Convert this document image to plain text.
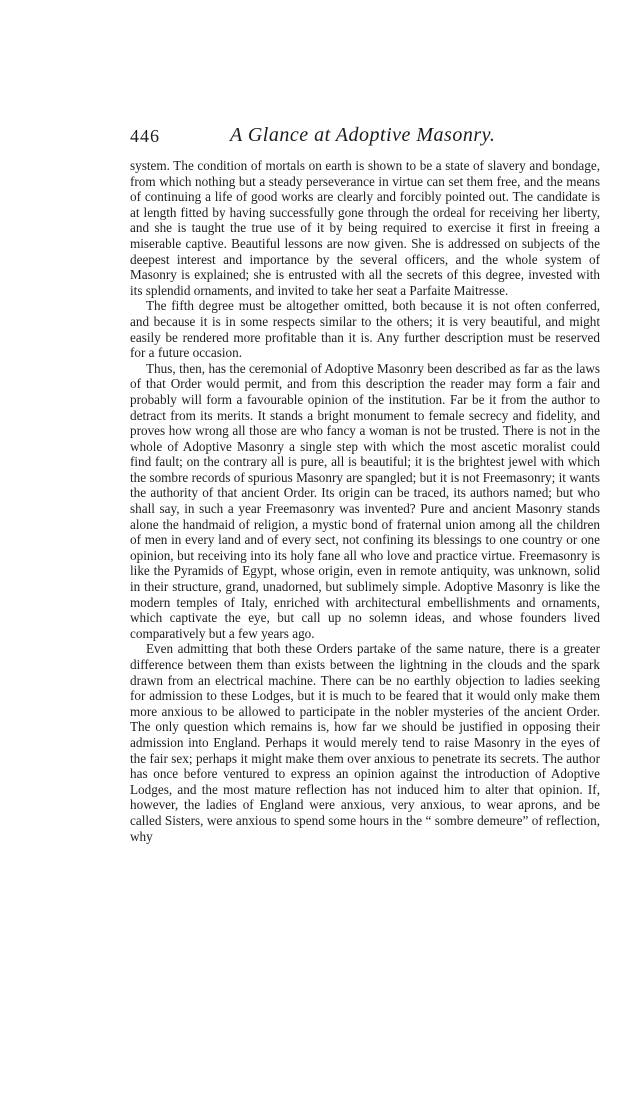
446	A Glance at Adoptive Masonry.

system. The condition of mortals on earth is shown to be a state of slavery and bondage, from which nothing but a steady perseverance in virtue can set them free, and the means of continuing a life of good works are clearly and forcibly pointed out. The candidate is at length fitted by having successfully gone through the ordeal for receiving her liberty, and she is taught the true use of it by being required to exercise it first in freeing a miserable captive. Beautiful lessons are now given. She is addressed on subjects of the deepest interest and importance by the several officers, and the whole system of Masonry is explained; she is entrusted with all the secrets of this degree, invested with its splendid ornaments, and invited to take her seat a Parfaite Maitresse.

The fifth degree must be altogether omitted, both because it is not often conferred, and because it is in some respects similar to the others; it is very beautiful, and might easily be rendered more profitable than it is. Any further description must be reserved for a future occasion.

Thus, then, has the ceremonial of Adoptive Masonry been described as far as the laws of that Order would permit, and from this description the reader may form a fair and probably will form a favourable opinion of the institution. Far be it from the author to detract from its merits. It stands a bright monument to female secrecy and fidelity, and proves how wrong all those are who fancy a woman is not be trusted. There is not in the whole of Adoptive Masonry a single step with which the most ascetic moralist could find fault; on the contrary all is pure, all is beautiful; it is the brightest jewel with which the sombre records of spurious Masonry are spangled; but it is not Freemasonry; it wants the authority of that ancient Order. Its origin can be traced, its authors named; but who shall say, in such a year Freemasonry was invented? Pure and ancient Masonry stands alone the handmaid of religion, a mystic bond of fraternal union among all the children of men in every land and of every sect, not confining its blessings to one country or one opinion, but receiving into its holy fane all who love and practice virtue. Freemasonry is like the Pyramids of Egypt, whose origin, even in remote antiquity, was unknown, solid in their structure, grand, unadorned, but sublimely simple. Adoptive Masonry is like the modern temples of Italy, enriched with architectural embellishments and ornaments, which captivate the eye, but call up no solemn ideas, and whose founders lived comparatively but a few years ago.

Even admitting that both these Orders partake of the same nature, there is a greater difference between them than exists between the lightning in the clouds and the spark drawn from an electrical machine. There can be no earthly objection to ladies seeking for admission to these Lodges, but it is much to be feared that it would only make them more anxious to be allowed to participate in the nobler mysteries of the ancient Order. The only question which remains is, how far we should be justified in opposing their admission into England. Perhaps it would merely tend to raise Masonry in the eyes of the fair sex; perhaps it might make them over anxious to penetrate its secrets. The author has once before ventured to express an opinion against the introduction of Adoptive Lodges, and the most mature reflection has not induced him to alter that opinion. If, however, the ladies of England were anxious, very anxious, to wear aprons, and be called Sisters, were anxious to spend some hours in the “ sombre demeure” of reflection, why
